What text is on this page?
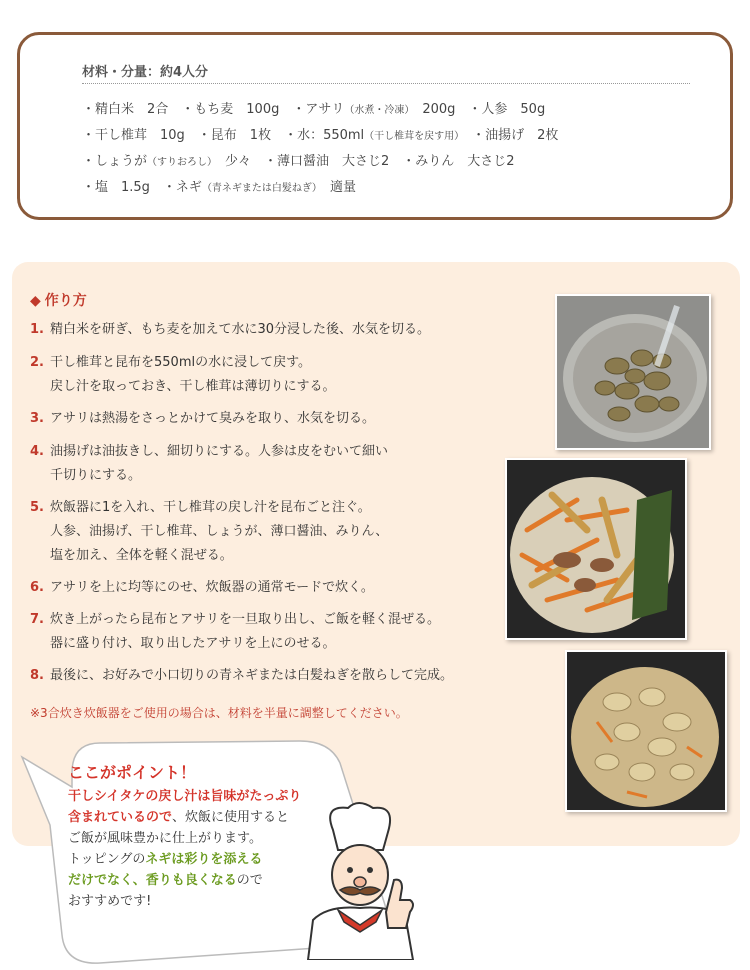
材料・分量：約4人分
・精白米　2合　・もち麦　100g　・アサリ（水煮・冷凍）　200g　・人参　50g
・干し椎茸　10g　・昆布　1枚　・水：550ml（干し椎茸を戻す用）　・油揚げ　2枚
・しょうが（すりおろし）　少々　・薄口醤油　大さじ2　・みりん　大さじ2
・塩　1.5g　・ネギ（青ネギまたは白髪ねぎ）　適量
◆ 作り方
1. 精白米を研ぎ、もち麦を加えて水に30分浸した後、水気を切る。
2. 干し椎茸と昆布を550mlの水に浸して戻す。
戻し汁を取っておき、干し椎茸は薄切りにする。
3. アサリは熱湯をさっとかけて臭みを取り、水気を切る。
4. 油揚げは油抜きし、細切りにする。人参は皮をむいて細い
千切りにする。
5. 炊飯器に1を入れ、干し椎茸の戻し汁を昆布ごと注ぐ。
人参、油揚げ、干し椎茸、しょうが、薄口醤油、みりん、
塩を加え、全体を軽く混ぜる。
6. アサリを上に均等にのせ、炊飯器の通常モードで炊く。
7. 炊き上がったら昆布とアサリを一旦取り出し、ご飯を軽く混ぜる。
器に盛り付け、取り出したアサリを上にのせる。
8. 最後に、お好みで小口切りの青ネギまたは白髪ねぎを散らして完成。
※3合炊き炊飯器をご使用の場合は、材料を半量に調整してください。
ここがポイント！
干しシイタケの戻し汁は旨味がたっぷり
含まれているので、炊飯に使用すると
ご飯が風味豊かに仕上がります。
トッピングのネギは彩りを添える
だけでなく、香りも良くなるので
おすすめです!
